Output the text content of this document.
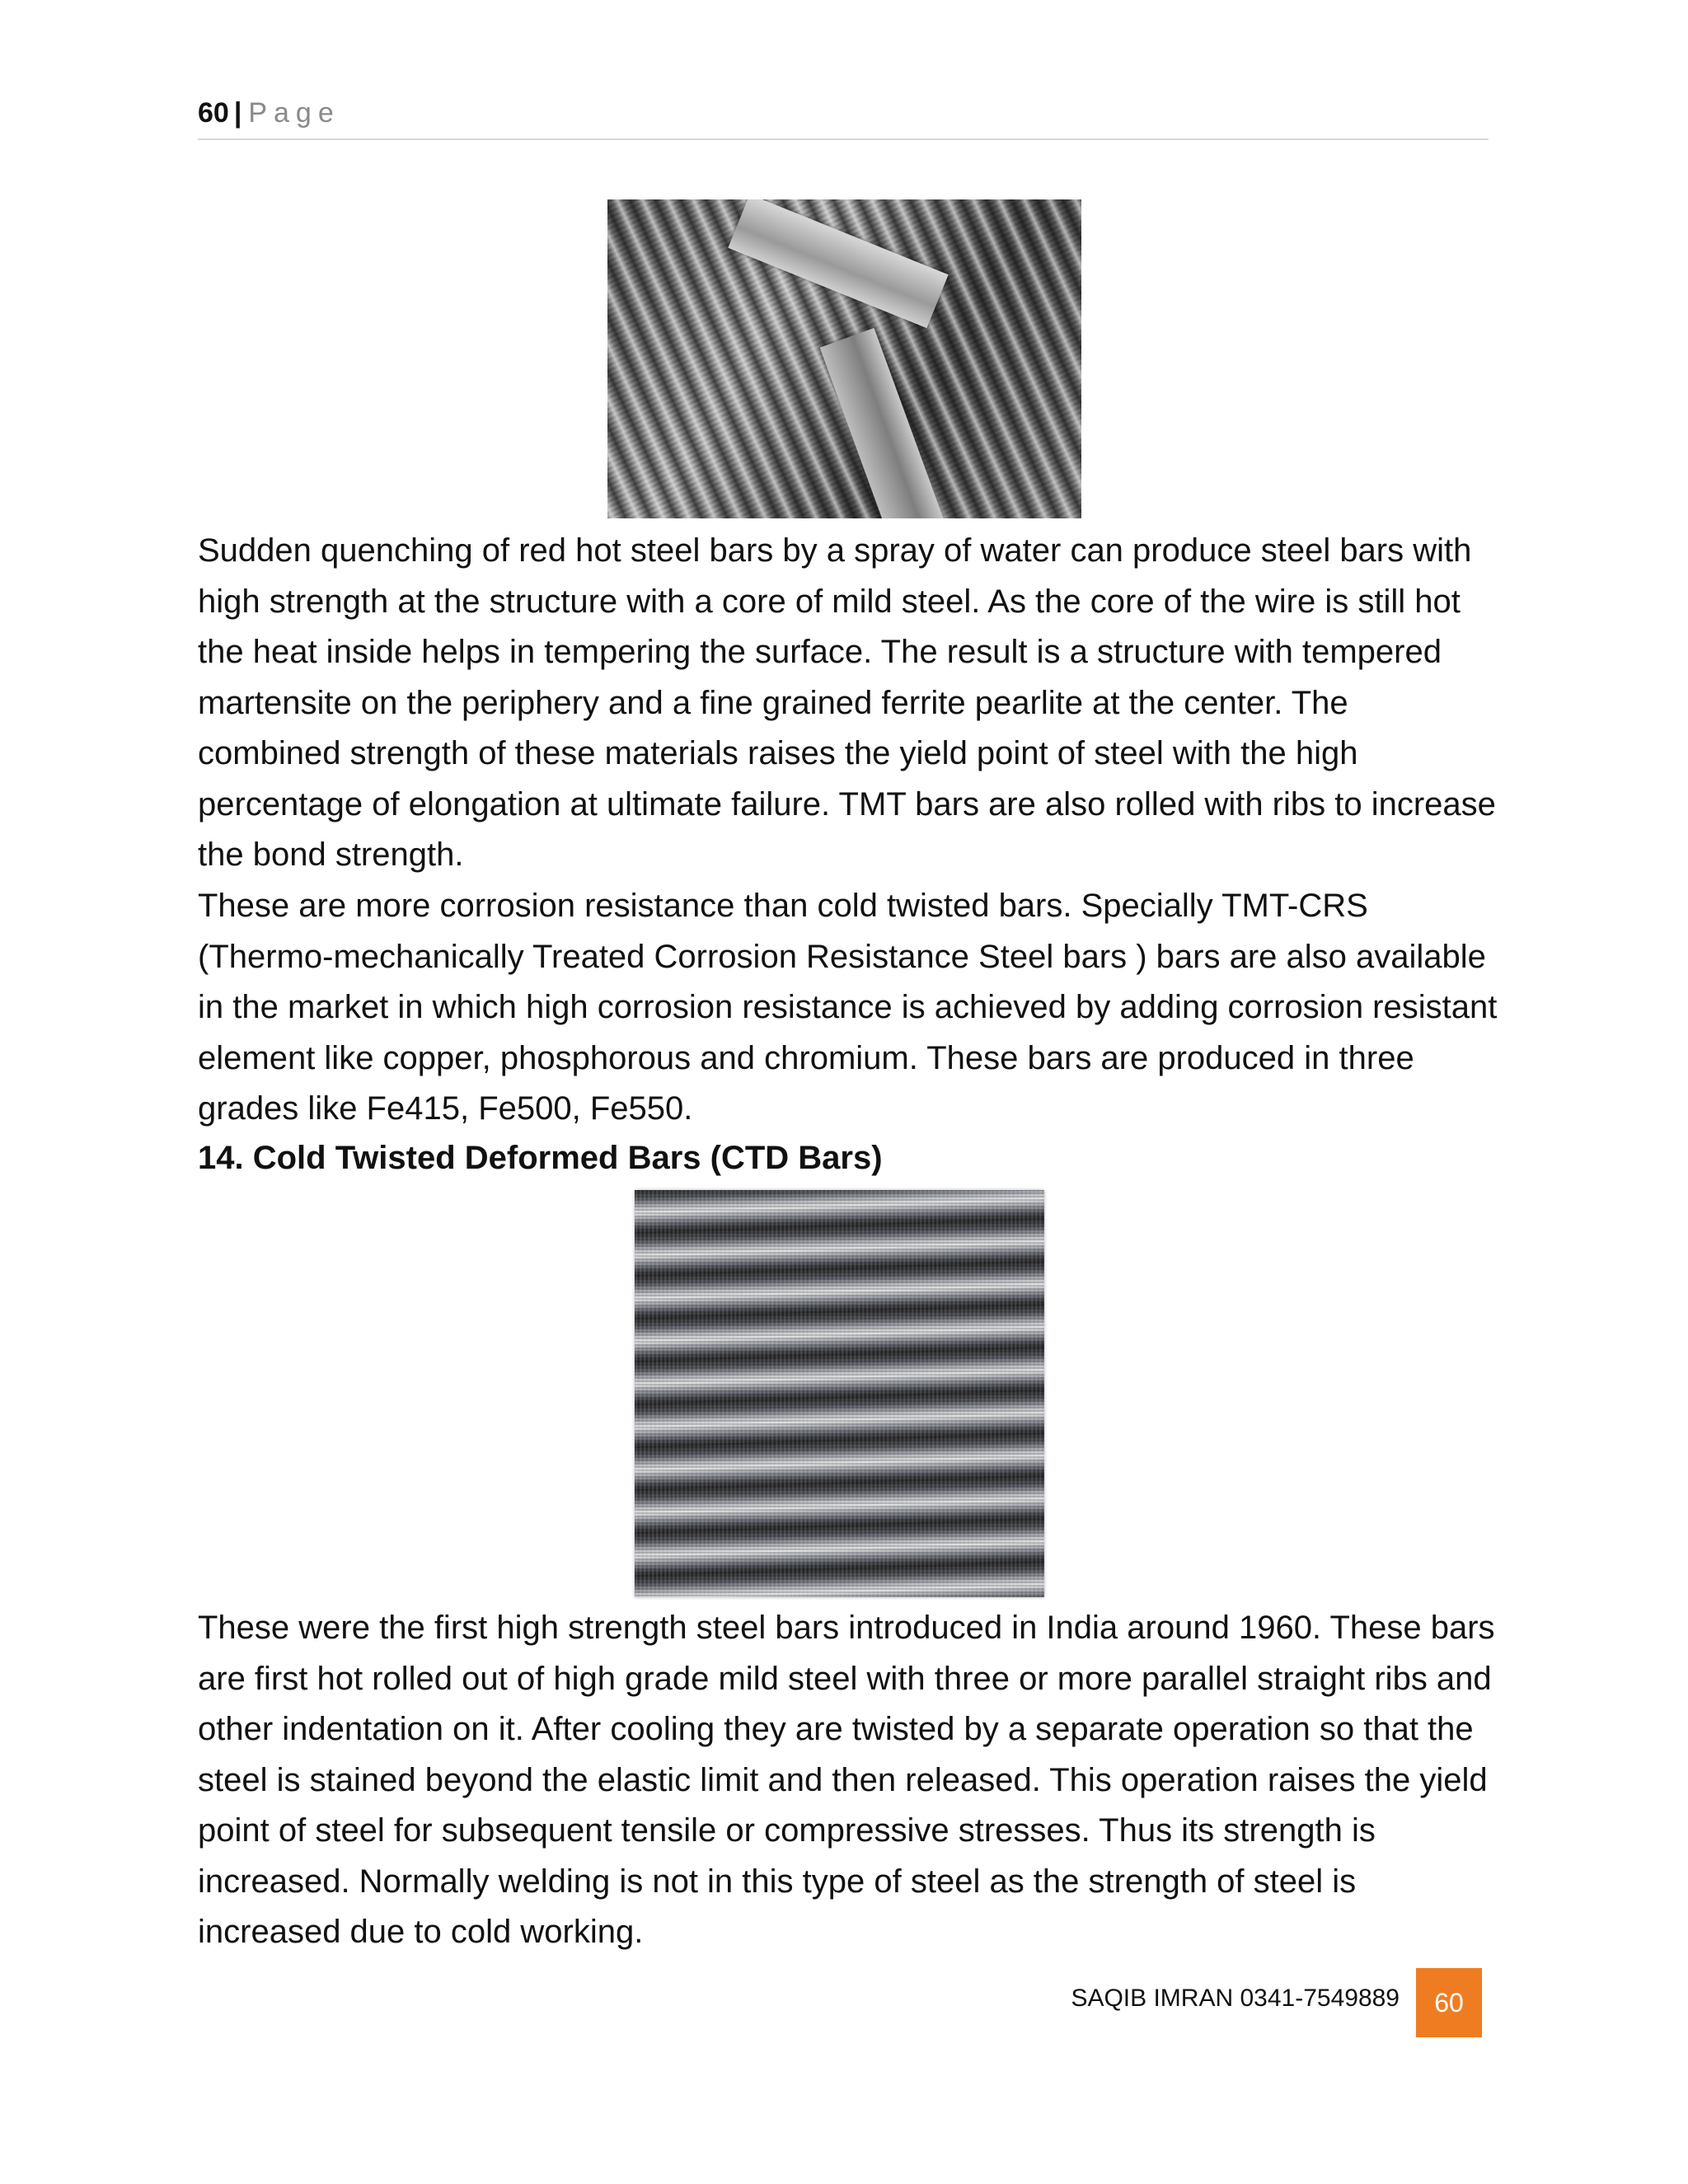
60 | Page

Sudden quenching of red hot steel bars by a spray of water can produce steel bars with high strength at the structure with a core of mild steel. As the core of the wire is still hot the heat inside helps in tempering the surface. The result is a structure with tempered martensite on the periphery and a fine grained ferrite pearlite at the center. The combined strength of these materials raises the yield point of steel with the high percentage of elongation at ultimate failure. TMT bars are also rolled with ribs to increase the bond strength.

These are more corrosion resistance than cold twisted bars. Specially TMT-CRS (Thermo-mechanically Treated Corrosion Resistance Steel bars ) bars are also available in the market in which high corrosion resistance is achieved by adding corrosion resistant element like copper, phosphorous and chromium. These bars are produced in three grades like Fe415, Fe500, Fe550.

14. Cold Twisted Deformed Bars (CTD Bars)

These were the first high strength steel bars introduced in India around 1960. These bars are first hot rolled out of high grade mild steel with three or more parallel straight ribs and other indentation on it. After cooling they are twisted by a separate operation so that the steel is stained beyond the elastic limit and then released. This operation raises the yield point of steel for subsequent tensile or compressive stresses. Thus its strength is increased. Normally welding is not in this type of steel as the strength of steel is increased due to cold working.

SAQIB IMRAN 0341-7549889	60
